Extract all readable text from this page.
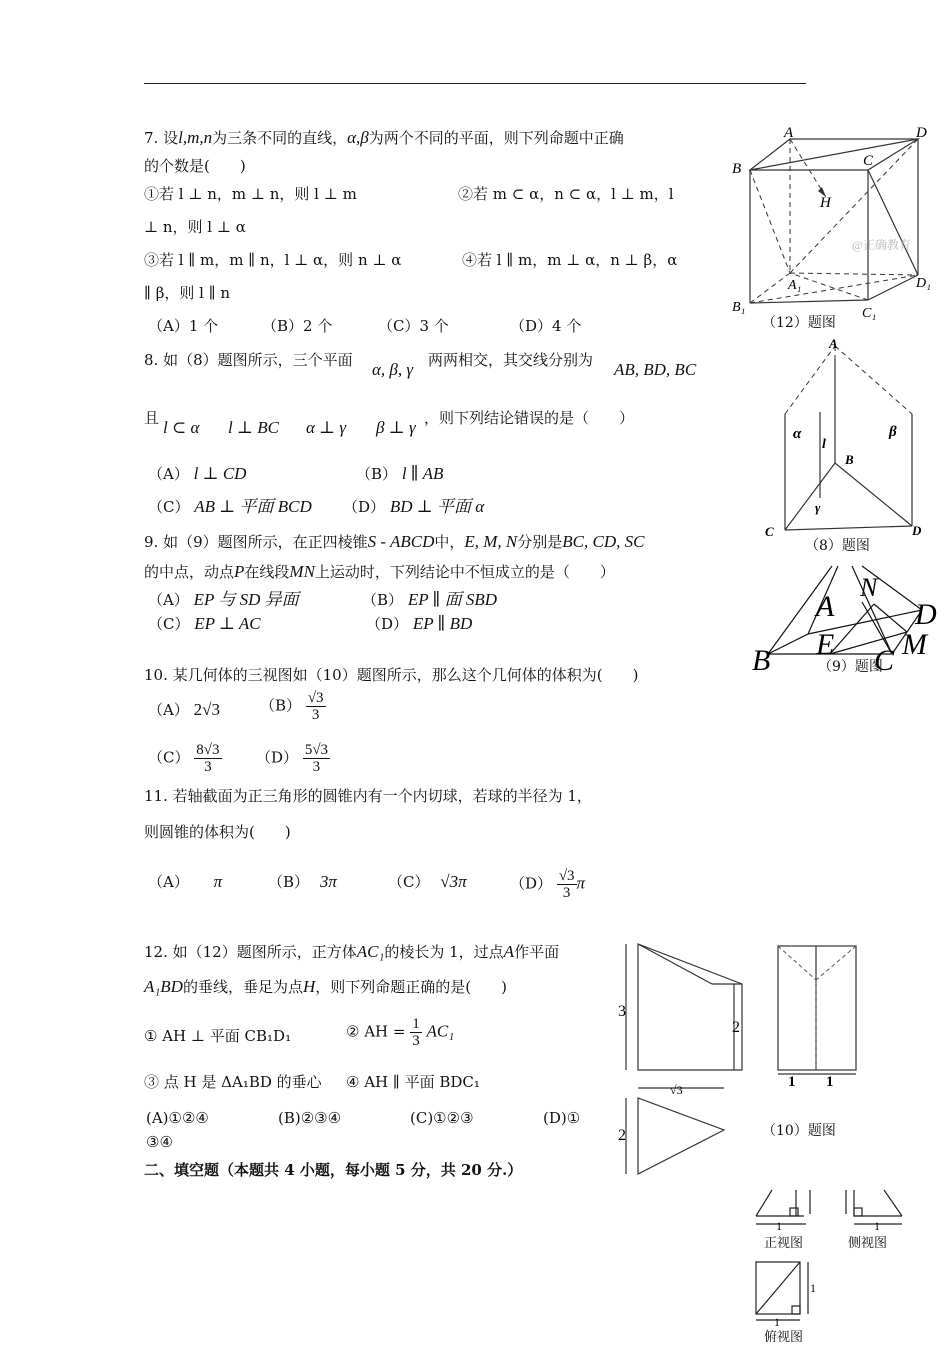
7. 设l,m,n为三条不同的直线，α,β为两个不同的平面，则下列命题中正确
的个数是(　　)
①若 l ⊥ n，m ⊥ n，则 l ⊥ m	②若 m ⊂ α，n ⊂ α，l ⊥ m，l
⊥ n，则 l ⊥ α
③若 l ∥ m，m ∥ n，l ⊥ α，则 n ⊥ α	④若 l ∥ m，m ⊥ α，n ⊥ β，α
∥ β，则 l ∥ n
（A）1 个	（B）2 个	（C）3 个	（D）4 个
8. 如（8）题图所示，三个平面 α, β, γ 两两相交，其交线分别为 AB, BD, BC
且 l ⊂ α l ⊥ BC α ⊥ γ β ⊥ γ ，则下列结论错误的是（　　）
（A） l ⊥ CD	（B） l ∥ AB
（C） AB ⊥ 平面 BCD （D） BD ⊥ 平面 α
9. 如（9）题图所示，在正四棱锥S - ABCD中，E, M, N分别是BC, CD, SC
的中点，动点P在线段MN上运动时，下列结论中不恒成立的是（　　）
（A） EP 与 SD 异面	（B） EP ∥ 面 SBD
（C） EP ⊥ AC	（D） EP ∥ BD
10. 某几何体的三视图如（10）题图所示，那么这个几何体的体积为(　　)
（A） 2√3	$(B) \frac{√3}{3}$
$(C) \frac{8√3}{3} (D) \frac{5√3}{3}$
11. 若轴截面为正三角形的圆锥内有一个内切球，若球的半径为 1，
则圆锥的体积为(　　)
（A） π	（B） 3π	（C） √3π	$(D) \frac{√3}{3}$ π
12. 如（12）题图所示，正方体AC₁的棱长为 1，过点A作平面
A₁BD的垂线，垂足为点H，则下列命题正确的是(　　)
① AH ⊥ 平面 CB₁D₁	② AH = $\frac{1}{3} AC_1$
③ 点 H 是 ΔA₁BD 的垂心 ④ AH ∥ 平面 BDC₁
(A)①②④	(B)②③④	(C)①②③	(D)①
③④
二、填空题（本题共 4 小题，每小题 5 分，共 20 分.）
A	D
B	C
H
A₁	D₁
B₁	C₁
@正确教育
（12）题图
A
B
C	D
α	β
γ
l
（8）题图
A
B	C
D
E M
N
（9）题图
3
2
1 1
√3
2	（10）题图
1
正视图
1
侧视图
1
1
俯视图
